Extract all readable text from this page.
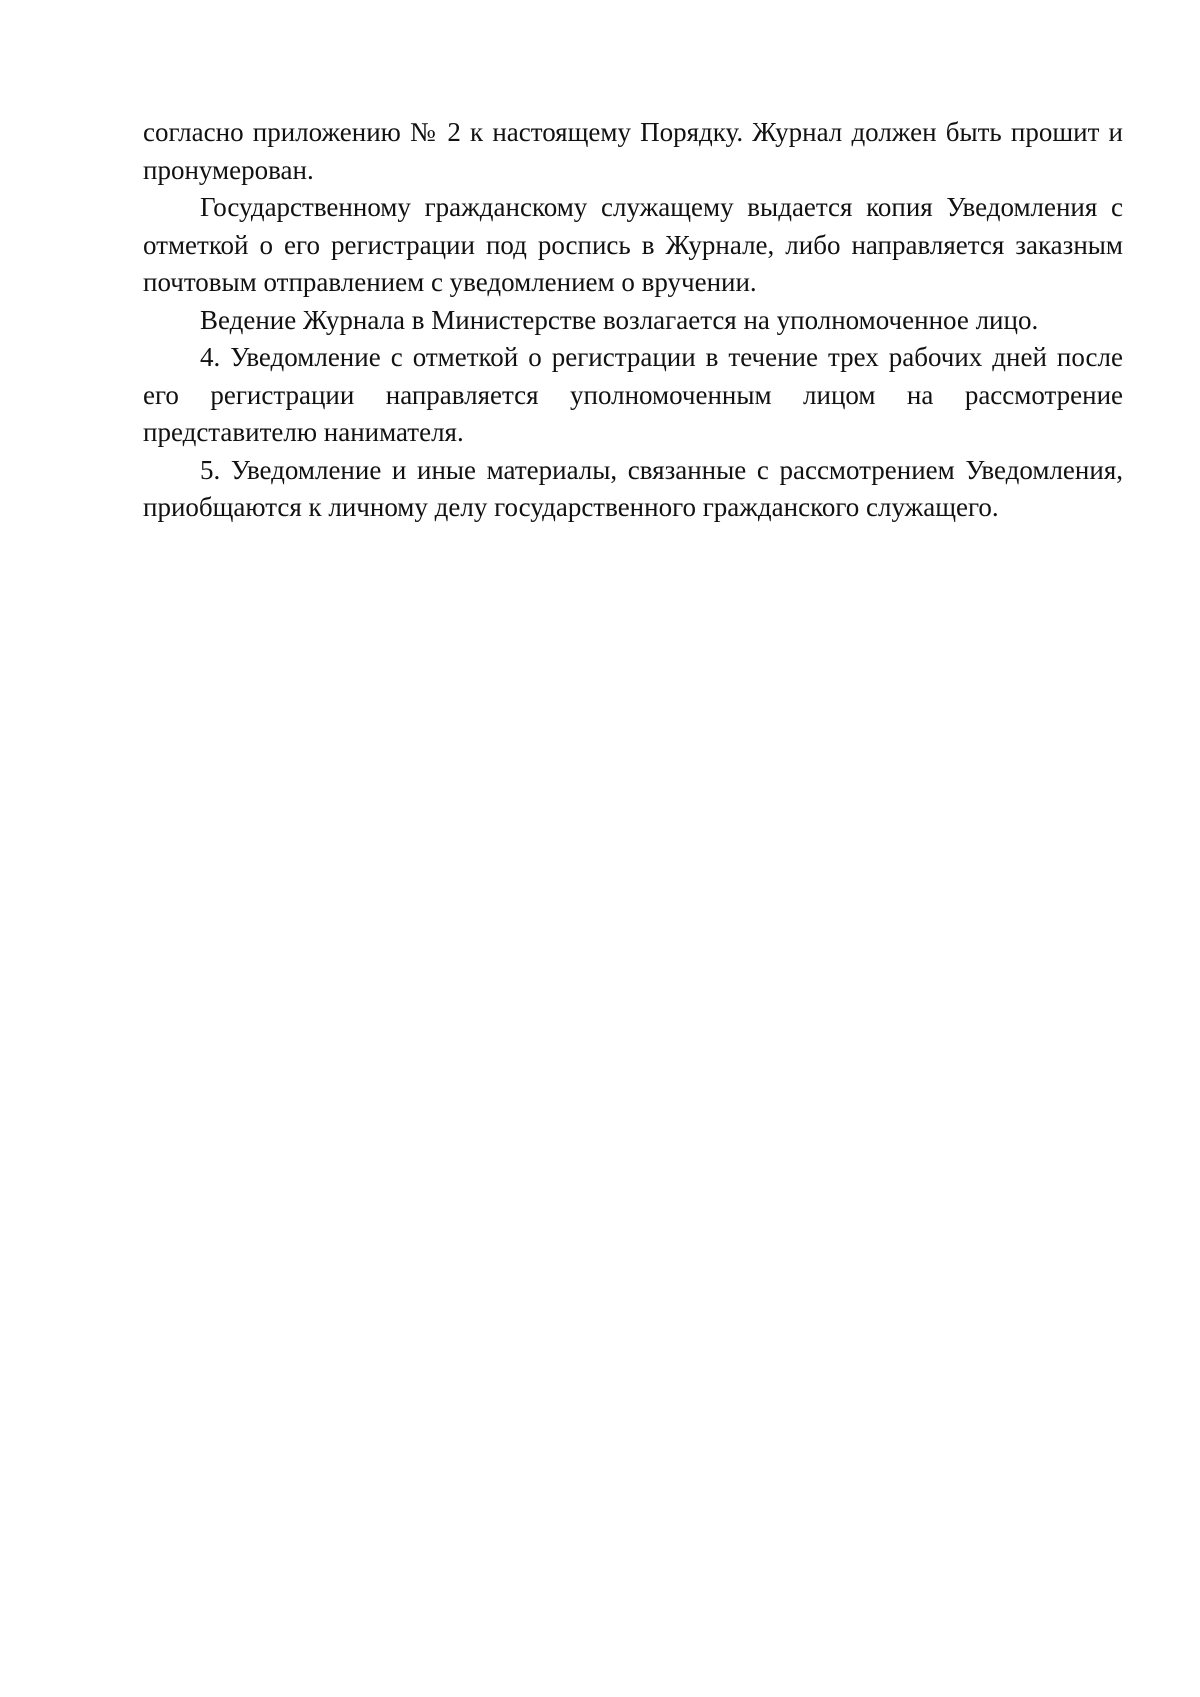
согласно приложению № 2 к настоящему Порядку. Журнал должен быть прошит и пронумерован.

Государственному гражданскому служащему выдается копия Уведомления с отметкой о его регистрации под роспись в Журнале, либо направляется заказным почтовым отправлением с уведомлением о вручении.

Ведение Журнала в Министерстве возлагается на уполномоченное лицо.

4. Уведомление с отметкой о регистрации в течение трех рабочих дней после его регистрации направляется уполномоченным лицом на рассмотрение представителю нанимателя.

5. Уведомление и иные материалы, связанные с рассмотрением Уведомления, приобщаются к личному делу государственного гражданского служащего.
